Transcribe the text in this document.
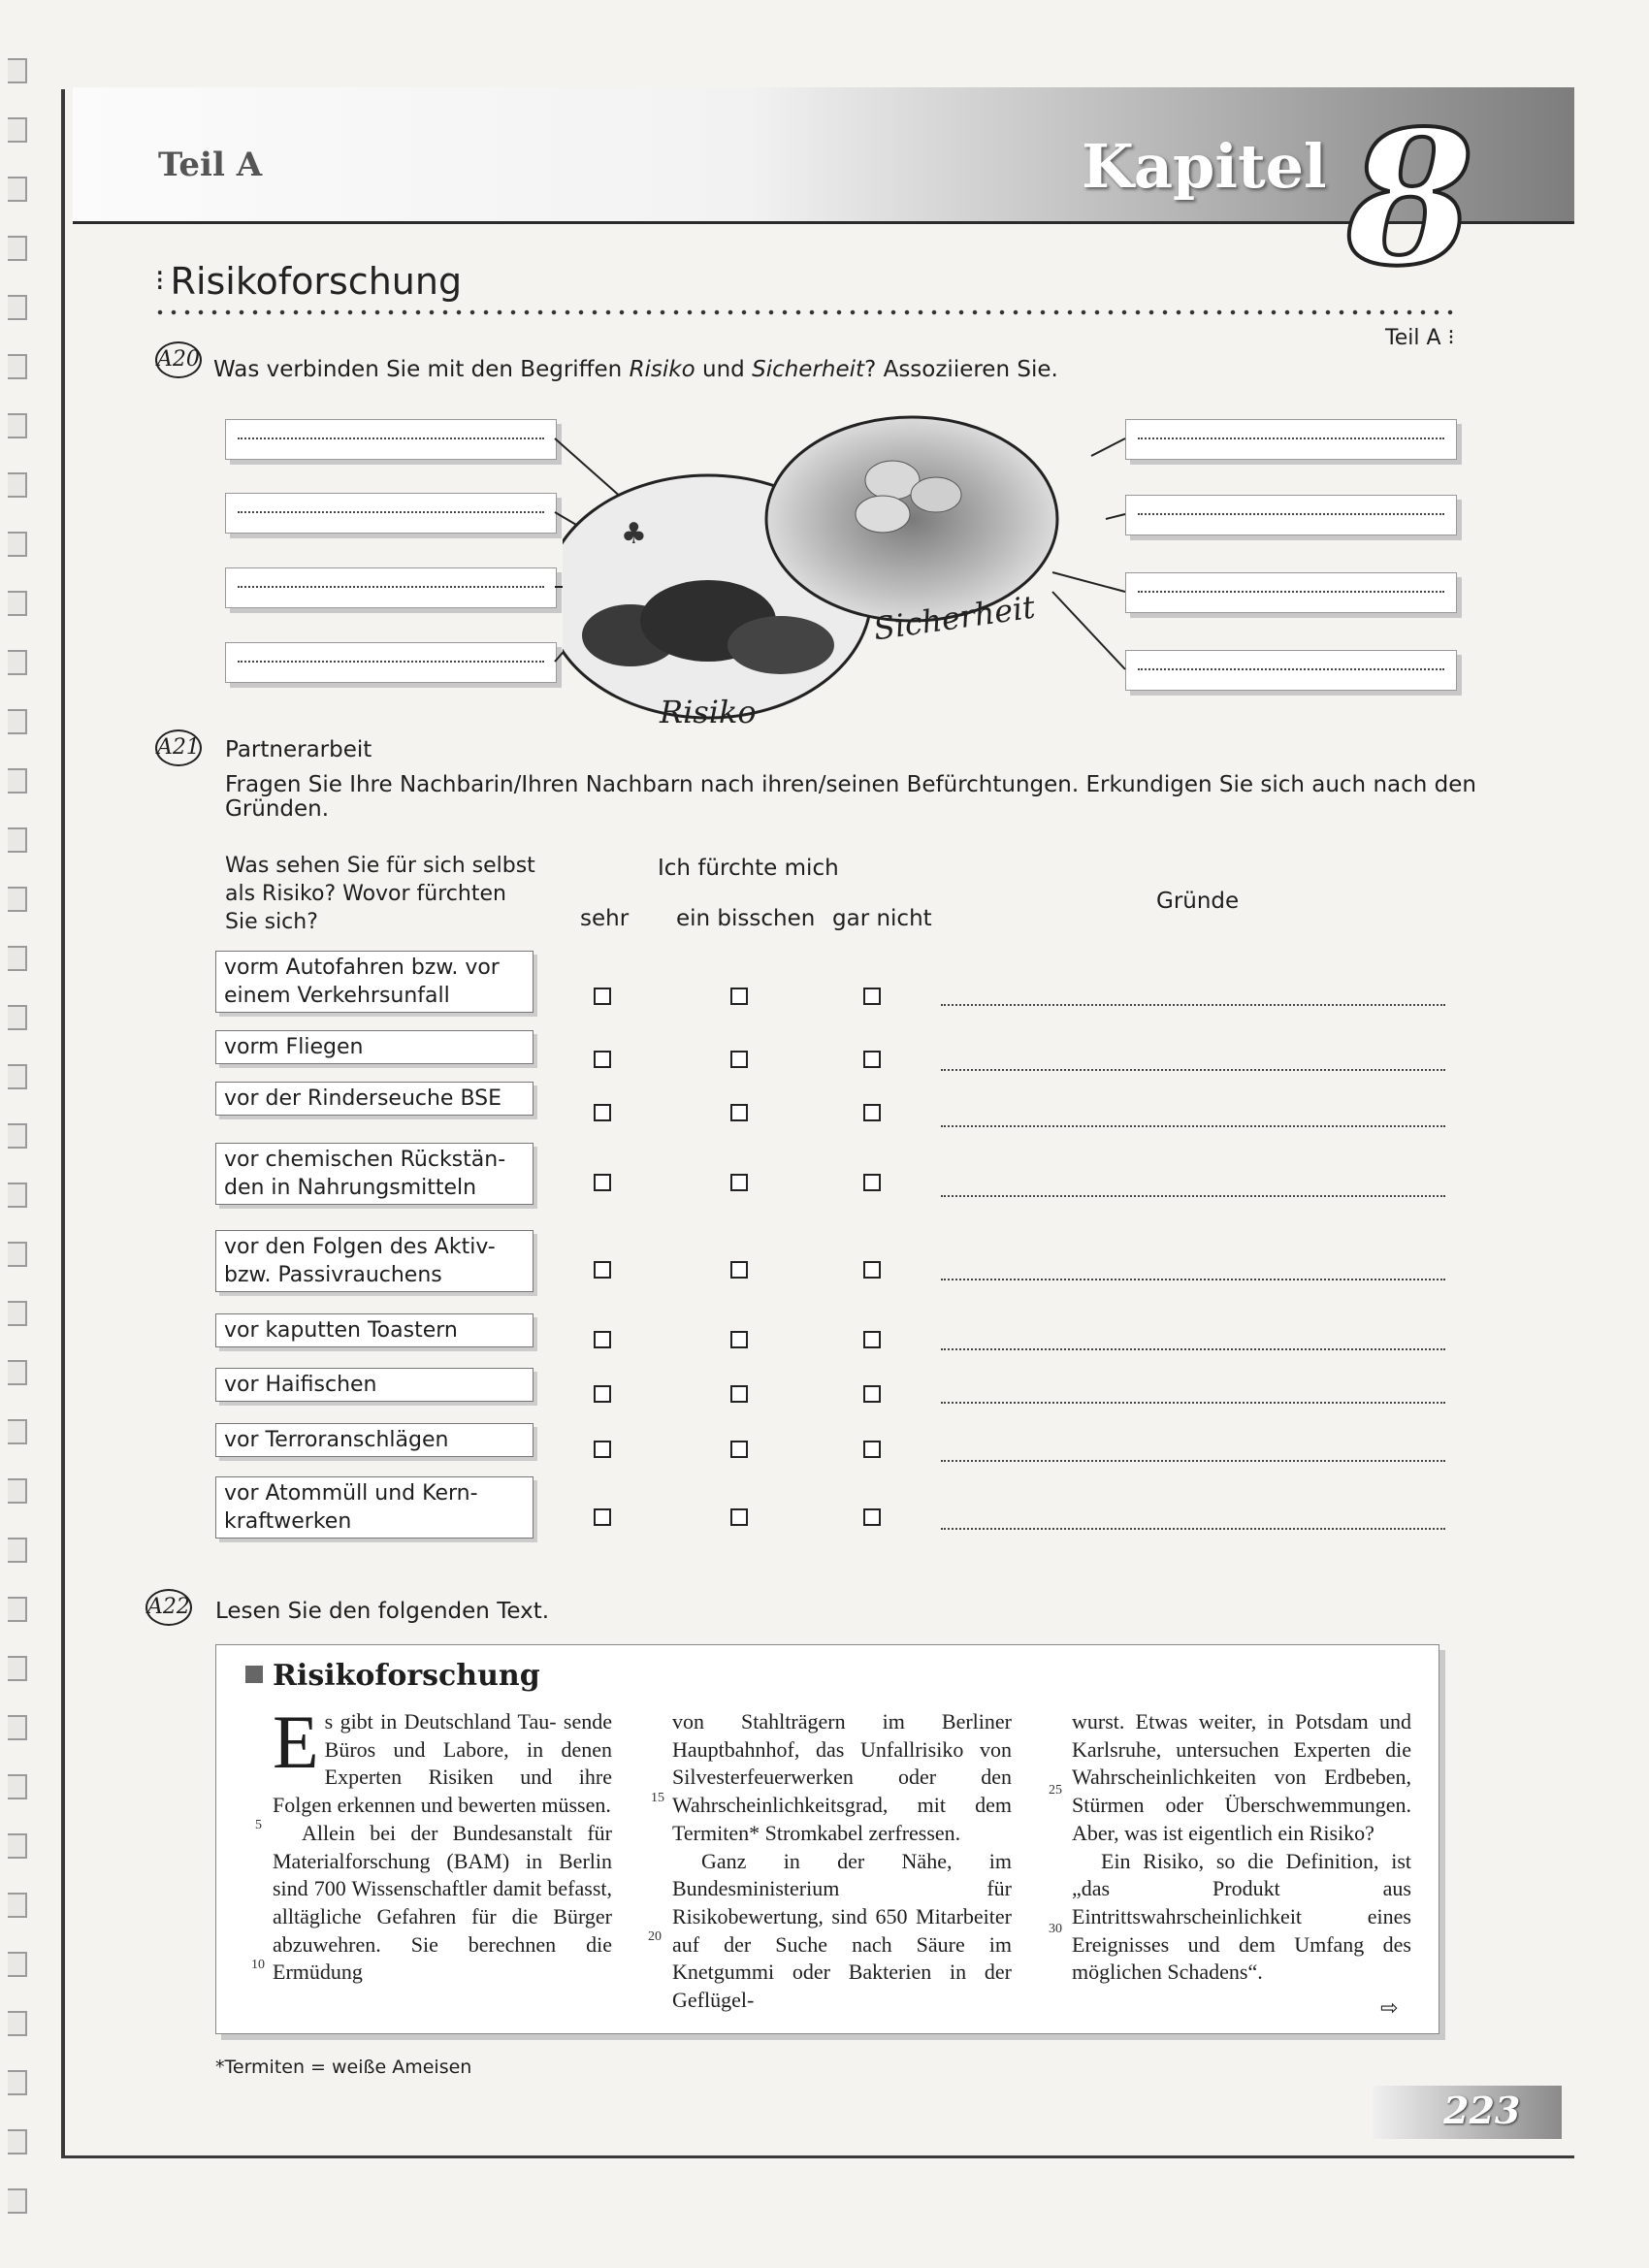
Teil A	Kapitel 8
⁝ Risikoforschung
Teil A ⁝
A20 Was verbinden Sie mit den Begriffen Risiko und Sicherheit? Assoziieren Sie.
♣
Risiko
Sicherheit
A21 Partnerarbeit
Fragen Sie Ihre Nachbarin/Ihren Nachbarn nach ihren/seinen Befürchtungen. Erkundigen Sie sich auch nach den
Gründen.
Was sehen Sie für sich selbst
als Risiko? Wovor fürchten
Sie sich?
Ich fürchte mich
sehr ein bisschen gar nicht
Gründe
vorm Autofahren bzw. vor
einem Verkehrsunfall
vorm Fliegen
vor der Rinderseuche BSE
vor chemischen Rückstän-
den in Nahrungsmitteln
vor den Folgen des Aktiv-
bzw. Passivrauchens
vor kaputten Toastern
vor Haifischen
vor Terroranschlägen
vor Atommüll und Kern-
kraftwerken
A22 Lesen Sie den folgenden Text.
Risikoforschung
Es gibt in Deutschland Tau- sende Büros und Labore, in denen Experten Risiken und ihre Folgen erkennen und bewerten müssen.
Allein bei der Bundesanstalt für Materialforschung (BAM) in Berlin sind 700 Wissenschaftler damit befasst, alltägliche Gefahren für die Bürger abzuwehren. Sie berechnen die Ermüdung
von Stahlträgern im Berliner Hauptbahnhof, das Unfallrisiko von Silvesterfeuerwerken oder den Wahrscheinlichkeitsgrad, mit dem Termiten* Stromkabel zerfressen.
Ganz in der Nähe, im Bundesministerium für Risikobewertung, sind 650 Mitarbeiter auf der Suche nach Säure im Knetgummi oder Bakterien in der Geflügel-
wurst. Etwas weiter, in Potsdam und Karlsruhe, untersuchen Experten die Wahrscheinlichkeiten von Erdbeben, Stürmen oder Überschwemmungen. Aber, was ist eigentlich ein Risiko?
Ein Risiko, so die Definition, ist „das Produkt aus Eintrittswahrscheinlichkeit eines Ereignisses und dem Umfang des möglichen Schadens“.
⇨
5
10
15
20
25
30
*Termiten = weiße Ameisen
223
